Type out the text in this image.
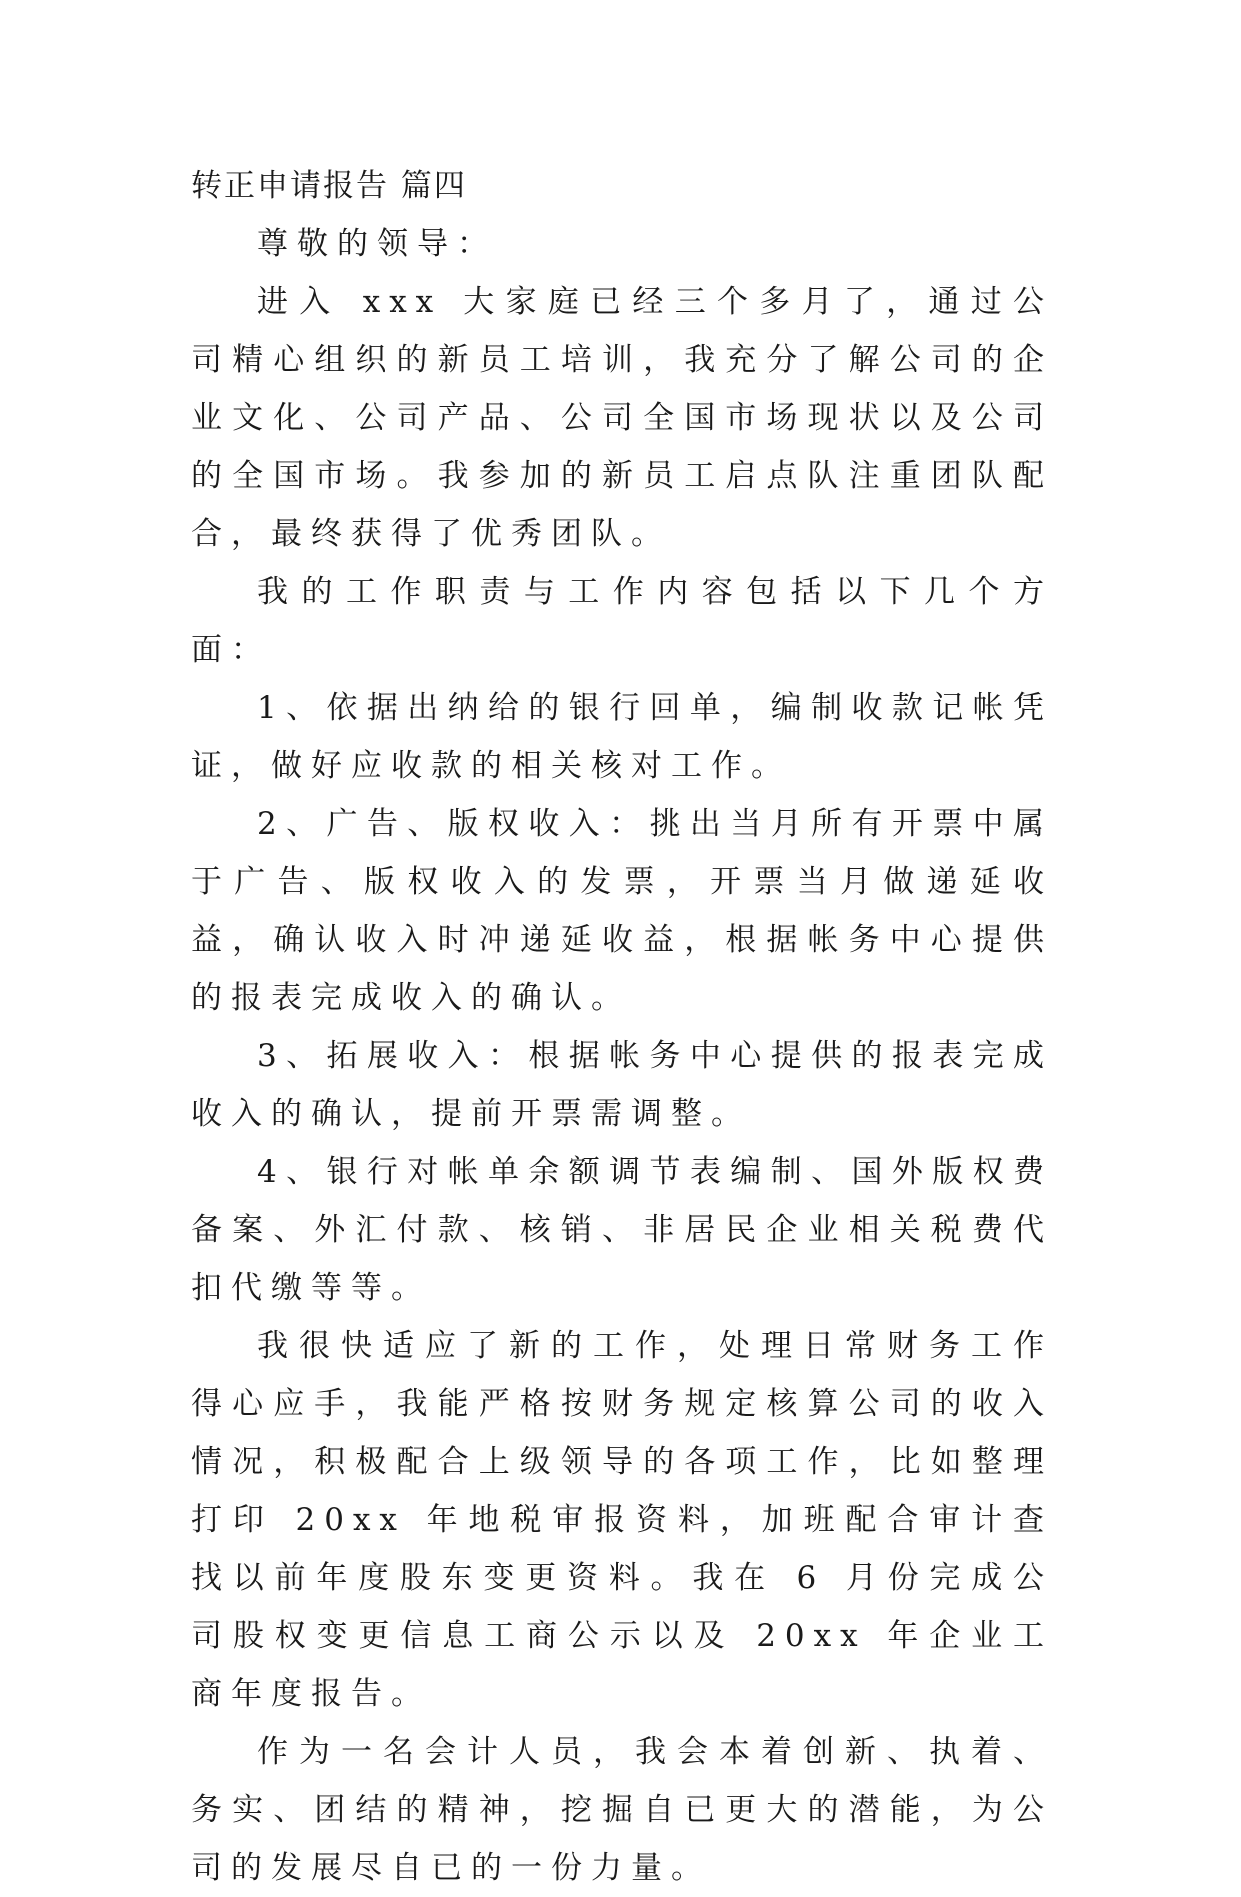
转正申请报告 篇四

尊敬的领导：

进入 xxx 大家庭已经三个多月了，通过公司精心组织的新员工培训，我充分了解公司的企业文化、公司产品、公司全国市场现状以及公司的全国市场。我参加的新员工启点队注重团队配合，最终获得了优秀团队。

我的工作职责与工作内容包括以下几个方面：

1、依据出纳给的银行回单，编制收款记帐凭证，做好应收款的相关核对工作。

2、广告、版权收入：挑出当月所有开票中属于广告、版权收入的发票，开票当月做递延收益，确认收入时冲递延收益，根据帐务中心提供的报表完成收入的确认。

3、拓展收入：根据帐务中心提供的报表完成收入的确认，提前开票需调整。

4、银行对帐单余额调节表编制、国外版权费备案、外汇付款、核销、非居民企业相关税费代扣代缴等等。

我很快适应了新的工作，处理日常财务工作得心应手，我能严格按财务规定核算公司的收入情况，积极配合上级领导的各项工作，比如整理打印 20xx 年地税审报资料，加班配合审计查找以前年度股东变更资料。我在 6 月份完成公司股权变更信息工商公示以及 20xx 年企业工商年度报告。

作为一名会计人员，我会本着创新、执着、务实、团结的精神，挖掘自已更大的潜能，为公司的发展尽自已的一份力量。
